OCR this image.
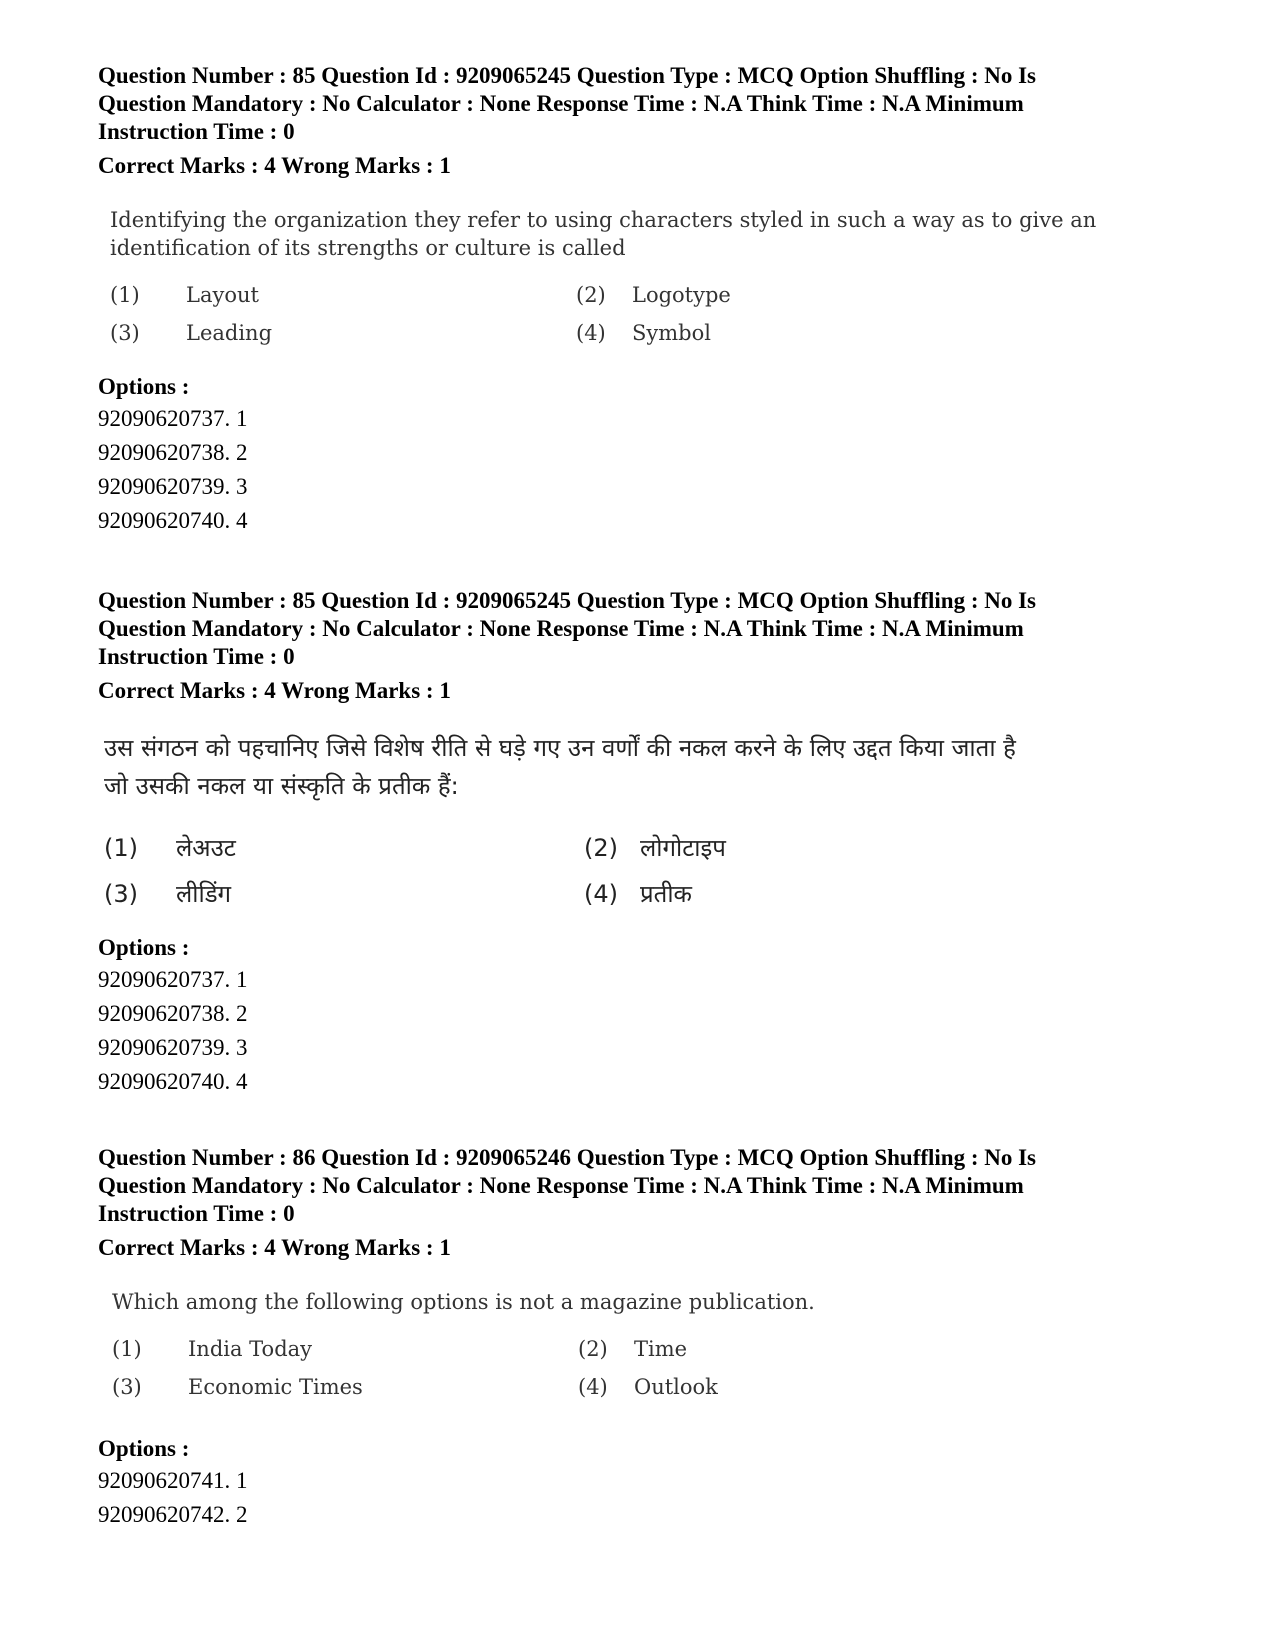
Question Number : 85 Question Id : 9209065245 Question Type : MCQ Option Shuffling : No Is

Question Mandatory : No Calculator : None Response Time : N.A Think Time : N.A Minimum

Instruction Time : 0

Correct Marks : 4 Wrong Marks : 1

Identifying the organization they refer to using characters styled in such a way as to give an

identification of its strengths or culture is called

(1) Layout	(2) Logotype
(3) Leading	(4) Symbol

Options :

92090620737. 1

92090620738. 2

92090620739. 3

92090620740. 4

Question Number : 85 Question Id : 9209065245 Question Type : MCQ Option Shuffling : No Is

Question Mandatory : No Calculator : None Response Time : N.A Think Time : N.A Minimum

Instruction Time : 0

Correct Marks : 4 Wrong Marks : 1

उस संगठन को पहचानिए जिसे विशेष रीति से घड़े गए उन वर्णों की नकल करने के लिए उद्दत किया जाता है

जो उसकी नकल या संस्कृति के प्रतीक हैं:

(1) लेअउट	(2) लोगोटाइप
(3) लीडिंग	(4) प्रतीक

Options :

92090620737. 1

92090620738. 2

92090620739. 3

92090620740. 4

Question Number : 86 Question Id : 9209065246 Question Type : MCQ Option Shuffling : No Is

Question Mandatory : No Calculator : None Response Time : N.A Think Time : N.A Minimum

Instruction Time : 0

Correct Marks : 4 Wrong Marks : 1

Which among the following options is not a magazine publication.

(1) India Today	(2) Time
(3) Economic Times	(4) Outlook

Options :

92090620741. 1

92090620742. 2
